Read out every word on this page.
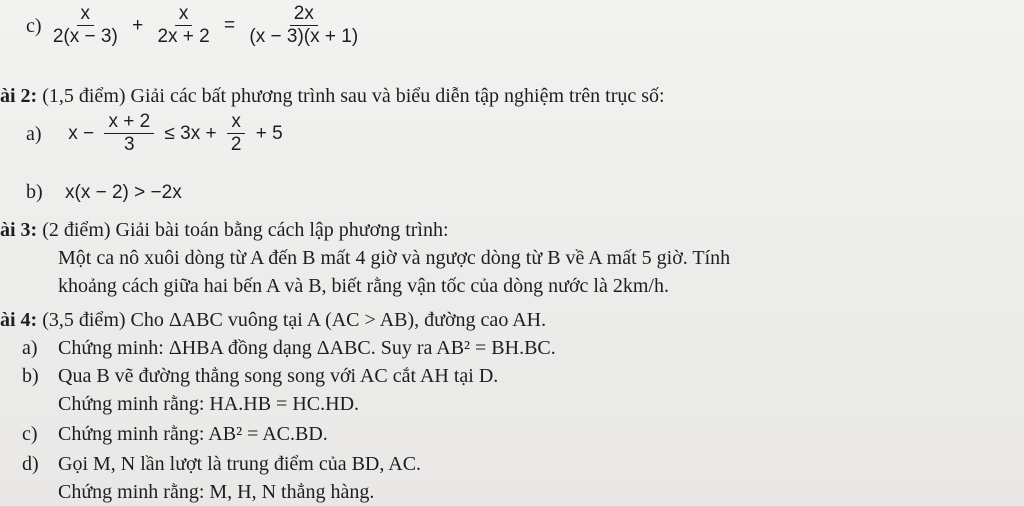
$c) \frac{x}{2(x - 3)} + \frac{x}{2x + 2} = \frac{2x}{(x - 3)(x + 1)}$
ài 2: (1,5 điểm) Giải các bất phương trình sau và biểu diễn tập nghiệm trên trục số:
a) $x - \frac{x + 2}{3} \le 3x + \frac{x}{2} + 5$
b) x(x − 2) > −2x
ài 3: (2 điểm) Giải bài toán bằng cách lập phương trình:
Một ca nô xuôi dòng từ A đến B mất 4 giờ và ngược dòng từ B về A mất 5 giờ. Tính
khoảng cách giữa hai bến A và B, biết rằng vận tốc của dòng nước là 2km/h.
ài 4: (3,5 điểm) Cho ΔABC vuông tại A (AC > AB), đường cao AH.
a) Chứng minh: ΔHBA đồng dạng ΔABC. Suy ra AB² = BH.BC.
b) Qua B vẽ đường thẳng song song với AC cắt AH tại D.
Chứng minh rằng: HA.HB = HC.HD.
c) Chứng minh rằng: AB² = AC.BD.
d) Gọi M, N lần lượt là trung điểm của BD, AC.
Chứng minh rằng: M, H, N thẳng hàng.
